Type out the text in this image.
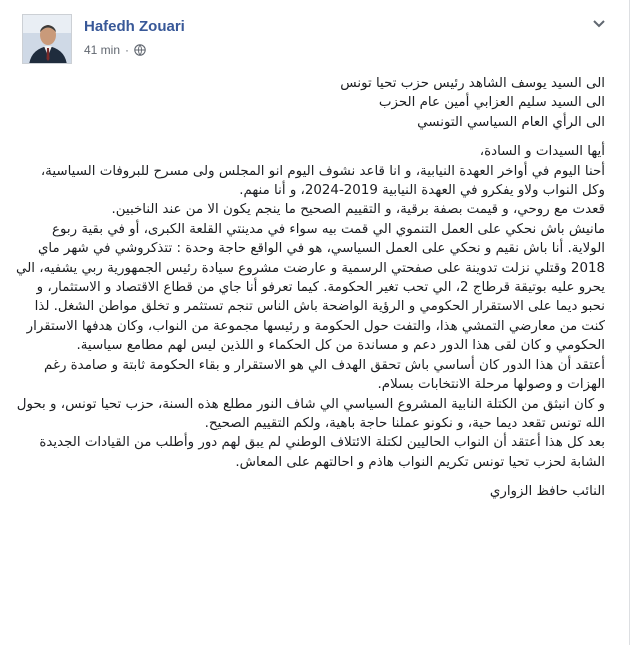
Hafedh Zouari
41 min ·

الى السيد يوسف الشاهد رئيس حزب تحيا تونس

الى السيد سليم العزابي أمين عام الحزب

الى الرأي العام السياسي التونسي

أيها السيدات و السادة،

أحنا اليوم في أواخر العهدة النيابية، و انا قاعد نشوف اليوم انو المجلس ولى مسرح للبروفات السياسية، وكل النواب ولاو يفكرو في العهدة النيابية 2019-2024، و أنا منهم.

قعدت مع روحي، و قيمت بصفة برقية، و التقييم الصحيح ما ينجم يكون الا من عند الناخبين.

مانيش باش نحكي على العمل التنموي الي قمت بيه سواء في مدينتي القلعة الكبرى، أو في بقية ربوع الولاية. أنا باش نقيم و نحكي على العمل السياسي، هو في الواقع حاجة وحدة : تتذكروشي في شهر ماي 2018 وقتلي نزلت تدوينة على صفحتي الرسمية و عارضت مشروع سيادة رئيس الجمهورية ربي يشفيه، الي يحرو عليه بوتيقة قرطاج 2، الي تحب تغير الحكومة. كيما تعرفو أنا جاي من قطاع الاقتصاد و الاستثمار، و نحبو ديما على الاستقرار الحكومي و الرؤية الواضحة باش الناس تنجم تستثمر و تخلق مواطن الشغل. لذا كنت من معارضي التمشي هذا، والتفت حول الحكومة و رئيسها مجموعة من النواب، وكان هدفها الاستقرار الحكومي و كان لقى هذا الدور دعم و مساندة من كل الحكماء و اللذين ليس لهم مطامع سياسية.

أعتقد أن هذا الدور كان أساسي باش تحقق الهدف الي هو الاستقرار و بقاء الحكومة ثابتة و صامدة رغم الهزات و وصولها مرحلة الانتخابات بسلام.

و كان انبثق من الكتلة النابية المشروع السياسي الي شاف النور مطلع هذه السنة، حزب تحيا تونس، و بحول الله تونس تقعد ديما حية، و نكونو عملنا حاجة باهية، ولكم التقييم الصحيح.

بعد كل هذا أعتقد أن النواب الحاليين لكتلة الائتلاف الوطني لم يبق لهم دور وأطلب من القيادات الجديدة الشابة لحزب تحيا تونس تكريم النواب هاذم و احالتهم على المعاش.

النائب حافظ الزواري
